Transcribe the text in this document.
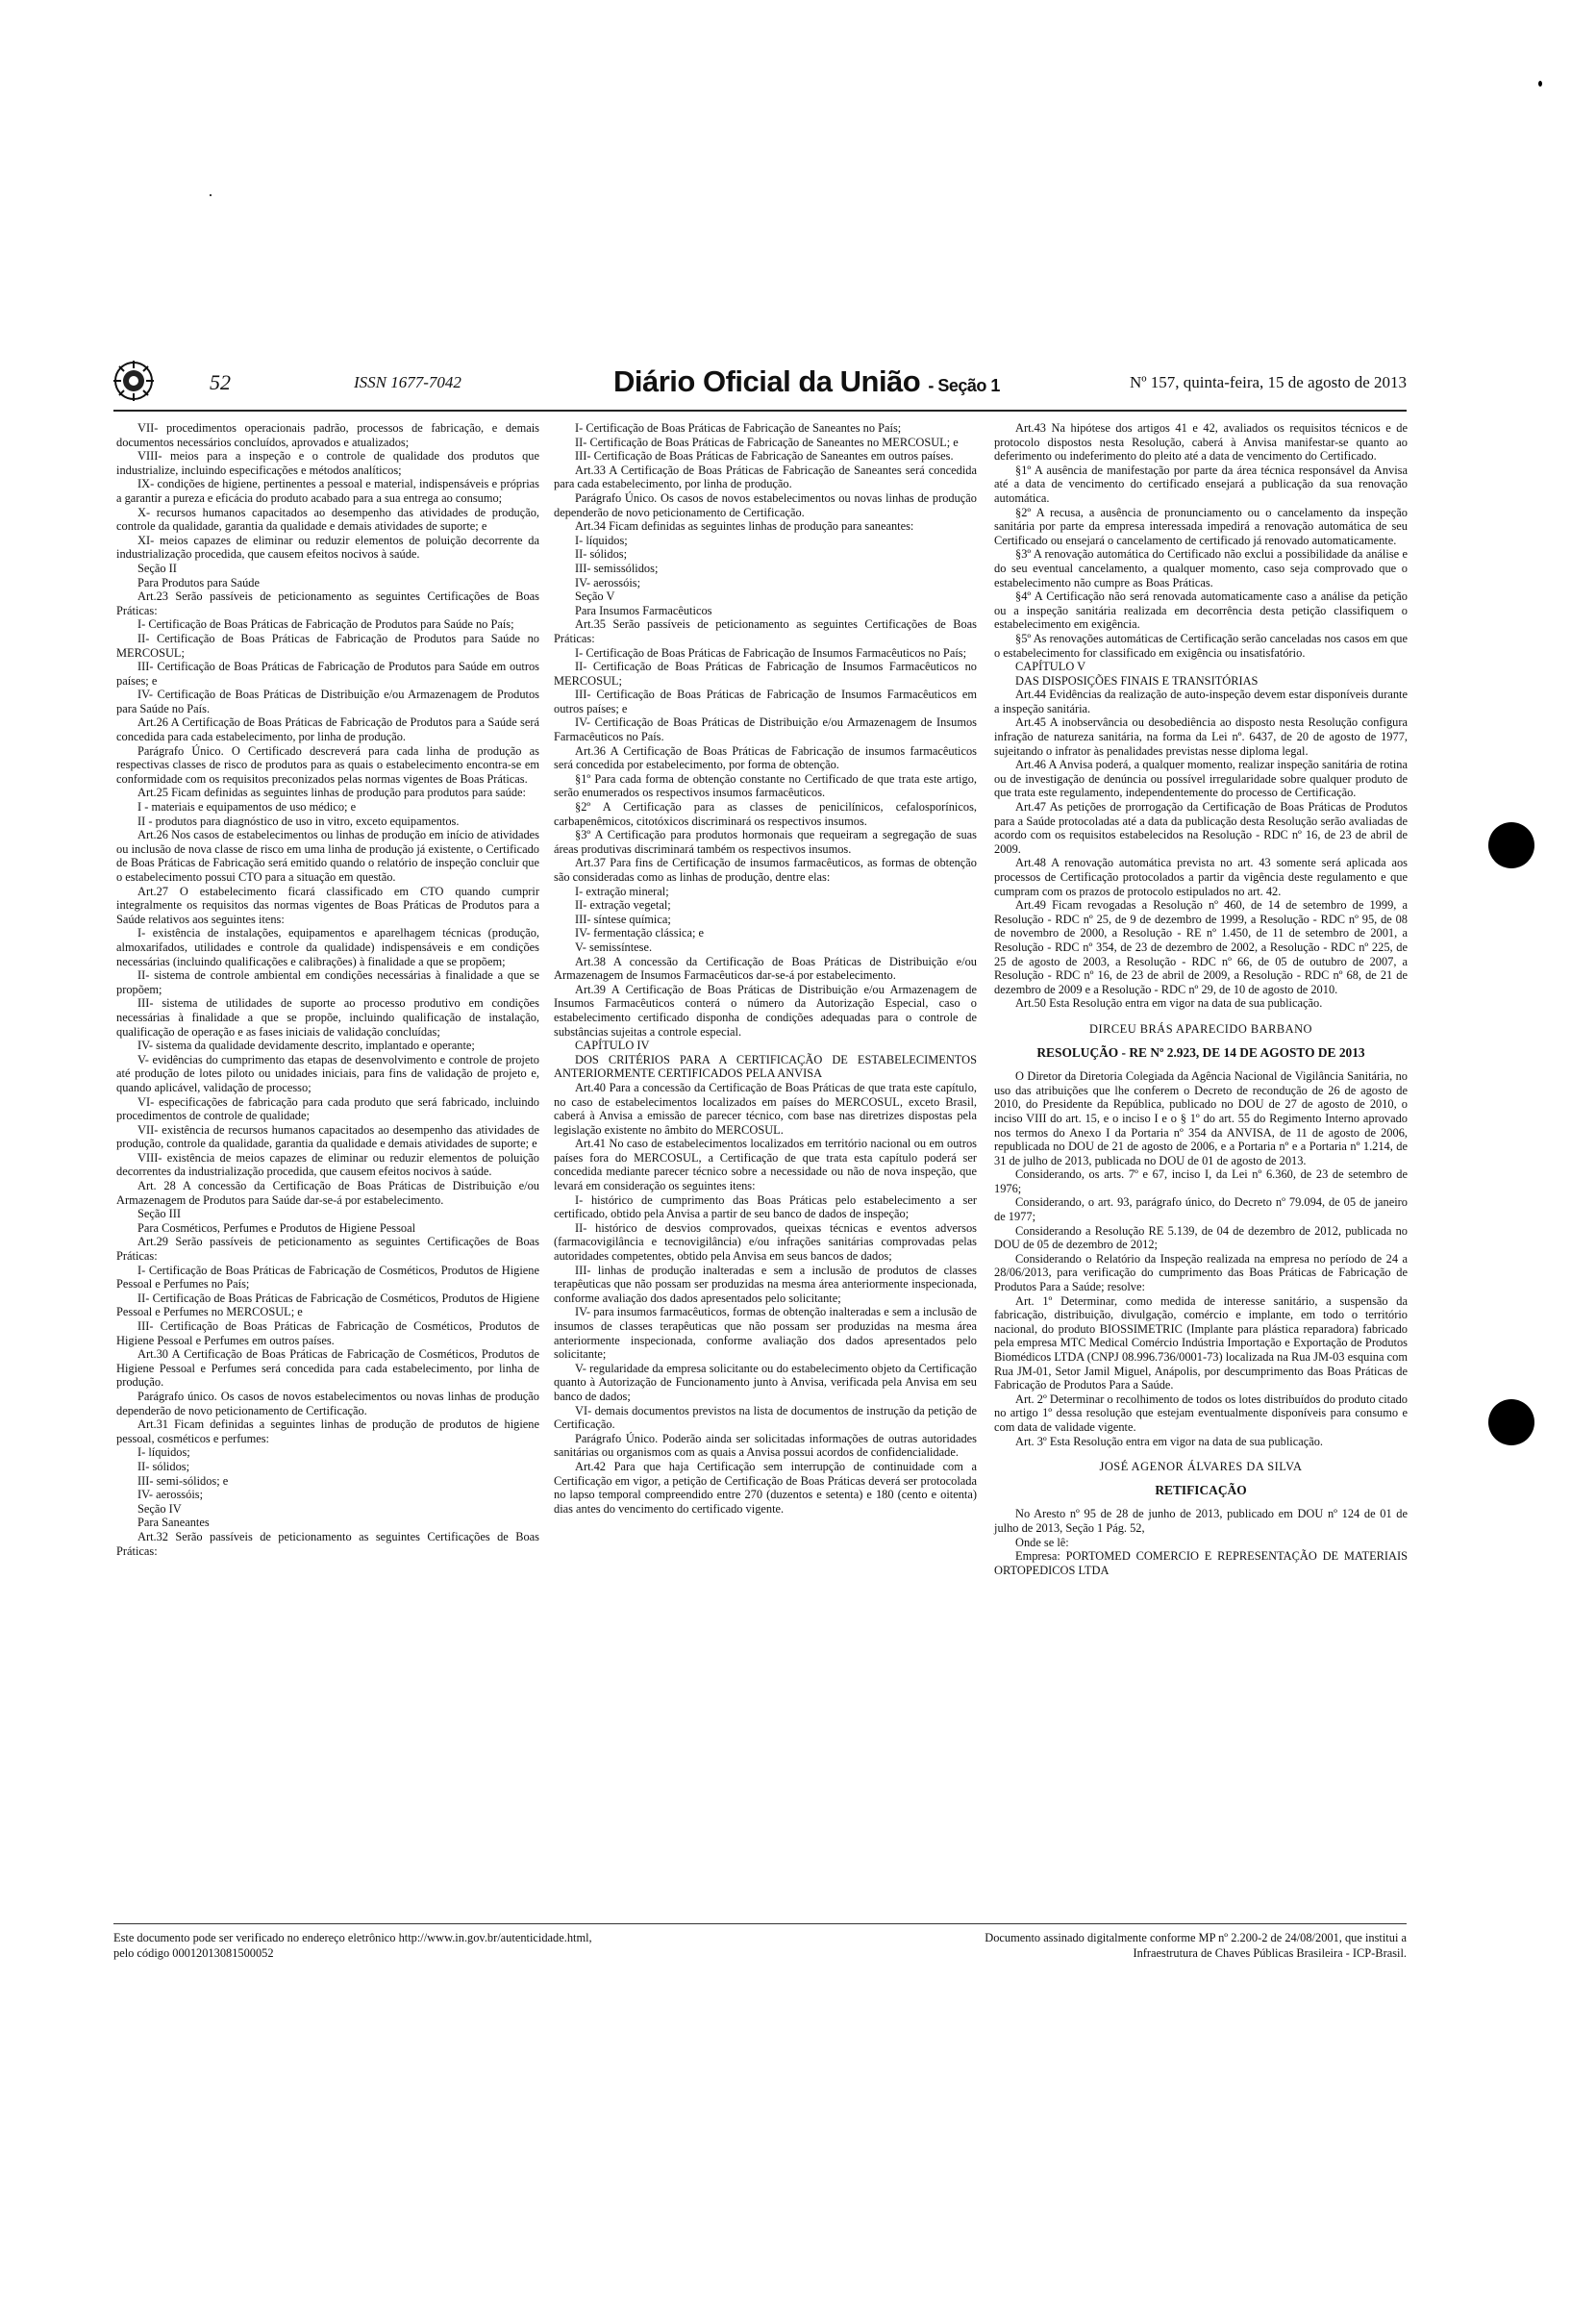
52	ISSN 1677-7042	Diário Oficial da União - Seção 1	Nº 157, quinta-feira, 15 de agosto de 2013

VII- procedimentos operacionais padrão, processos de fabricação, e demais documentos necessários concluídos, aprovados e atualizados;

VIII- meios para a inspeção e o controle de qualidade dos produtos que industrialize, incluindo especificações e métodos analíticos;

IX- condições de higiene, pertinentes a pessoal e material, indispensáveis e próprias a garantir a pureza e eficácia do produto acabado para a sua entrega ao consumo;

X- recursos humanos capacitados ao desempenho das atividades de produção, controle da qualidade, garantia da qualidade e demais atividades de suporte; e

XI- meios capazes de eliminar ou reduzir elementos de poluição decorrente da industrialização procedida, que causem efeitos nocivos à saúde.

Seção II

Para Produtos para Saúde

Art.23 Serão passíveis de peticionamento as seguintes Certificações de Boas Práticas:

I- Certificação de Boas Práticas de Fabricação de Produtos para Saúde no País;

II- Certificação de Boas Práticas de Fabricação de Produtos para Saúde no MERCOSUL;

III- Certificação de Boas Práticas de Fabricação de Produtos para Saúde em outros países; e

IV- Certificação de Boas Práticas de Distribuição e/ou Armazenagem de Produtos para Saúde no País.

Art.26 A Certificação de Boas Práticas de Fabricação de Produtos para a Saúde será concedida para cada estabelecimento, por linha de produção.

Parágrafo Único. O Certificado descreverá para cada linha de produção as respectivas classes de risco de produtos para as quais o estabelecimento encontra-se em conformidade com os requisitos preconizados pelas normas vigentes de Boas Práticas.

Art.25 Ficam definidas as seguintes linhas de produção para produtos para saúde:

I - materiais e equipamentos de uso médico; e

II - produtos para diagnóstico de uso in vitro, exceto equipamentos.

Art.26 Nos casos de estabelecimentos ou linhas de produção em início de atividades ou inclusão de nova classe de risco em uma linha de produção já existente, o Certificado de Boas Práticas de Fabricação será emitido quando o relatório de inspeção concluir que o estabelecimento possui CTO para a situação em questão.

Art.27 O estabelecimento ficará classificado em CTO quando cumprir integralmente os requisitos das normas vigentes de Boas Práticas de Produtos para a Saúde relativos aos seguintes itens:

I- existência de instalações, equipamentos e aparelhagem técnicas (produção, almoxarifados, utilidades e controle da qualidade) indispensáveis e em condições necessárias (incluindo qualificações e calibrações) à finalidade a que se propõem;

II- sistema de controle ambiental em condições necessárias à finalidade a que se propõem;

III- sistema de utilidades de suporte ao processo produtivo em condições necessárias à finalidade a que se propõe, incluindo qualificação de instalação, qualificação de operação e as fases iniciais de validação concluídas;

IV- sistema da qualidade devidamente descrito, implantado e operante;

V- evidências do cumprimento das etapas de desenvolvimento e controle de projeto até produção de lotes piloto ou unidades iniciais, para fins de validação de projeto e, quando aplicável, validação de processo;

VI- especificações de fabricação para cada produto que será fabricado, incluindo procedimentos de controle de qualidade;

VII- existência de recursos humanos capacitados ao desempenho das atividades de produção, controle da qualidade, garantia da qualidade e demais atividades de suporte; e

VIII- existência de meios capazes de eliminar ou reduzir elementos de poluição decorrentes da industrialização procedida, que causem efeitos nocivos à saúde.

Art. 28 A concessão da Certificação de Boas Práticas de Distribuição e/ou Armazenagem de Produtos para Saúde dar-se-á por estabelecimento.

Seção III

Para Cosméticos, Perfumes e Produtos de Higiene Pessoal

Art.29 Serão passíveis de peticionamento as seguintes Certificações de Boas Práticas:

I- Certificação de Boas Práticas de Fabricação de Cosméticos, Produtos de Higiene Pessoal e Perfumes no País;

II- Certificação de Boas Práticas de Fabricação de Cosméticos, Produtos de Higiene Pessoal e Perfumes no MERCOSUL; e

III- Certificação de Boas Práticas de Fabricação de Cosméticos, Produtos de Higiene Pessoal e Perfumes em outros países.

Art.30 A Certificação de Boas Práticas de Fabricação de Cosméticos, Produtos de Higiene Pessoal e Perfumes será concedida para cada estabelecimento, por linha de produção.

Parágrafo único. Os casos de novos estabelecimentos ou novas linhas de produção dependerão de novo peticionamento de Certificação.

Art.31 Ficam definidas a seguintes linhas de produção de produtos de higiene pessoal, cosméticos e perfumes:

I- líquidos;

II- sólidos;

III- semi-sólidos; e

IV- aerossóis;

Seção IV

Para Saneantes

Art.32 Serão passíveis de peticionamento as seguintes Certificações de Boas Práticas:

I- Certificação de Boas Práticas de Fabricação de Saneantes no País;

II- Certificação de Boas Práticas de Fabricação de Saneantes no MERCOSUL; e

III- Certificação de Boas Práticas de Fabricação de Saneantes em outros países.

Art.33 A Certificação de Boas Práticas de Fabricação de Saneantes será concedida para cada estabelecimento, por linha de produção.

Parágrafo Único. Os casos de novos estabelecimentos ou novas linhas de produção dependerão de novo peticionamento de Certificação.

Art.34 Ficam definidas as seguintes linhas de produção para saneantes:

I- líquidos;

II- sólidos;

III- semissólidos;

IV- aerossóis;

Seção V

Para Insumos Farmacêuticos

Art.35 Serão passíveis de peticionamento as seguintes Certificações de Boas Práticas:

I- Certificação de Boas Práticas de Fabricação de Insumos Farmacêuticos no País;

II- Certificação de Boas Práticas de Fabricação de Insumos Farmacêuticos no MERCOSUL;

III- Certificação de Boas Práticas de Fabricação de Insumos Farmacêuticos em outros países; e

IV- Certificação de Boas Práticas de Distribuição e/ou Armazenagem de Insumos Farmacêuticos no País.

Art.36 A Certificação de Boas Práticas de Fabricação de insumos farmacêuticos será concedida por estabelecimento, por forma de obtenção.

§1º Para cada forma de obtenção constante no Certificado de que trata este artigo, serão enumerados os respectivos insumos farmacêuticos.

§2º A Certificação para as classes de penicilínicos, cefalosporínicos, carbapenêmicos, citotóxicos discriminará os respectivos insumos.

§3º A Certificação para produtos hormonais que requeiram a segregação de suas áreas produtivas discriminará também os respectivos insumos.

Art.37 Para fins de Certificação de insumos farmacêuticos, as formas de obtenção são consideradas como as linhas de produção, dentre elas:

I- extração mineral;

II- extração vegetal;

III- síntese química;

IV- fermentação clássica; e

V- semissíntese.

Art.38 A concessão da Certificação de Boas Práticas de Distribuição e/ou Armazenagem de Insumos Farmacêuticos dar-se-á por estabelecimento.

Art.39 A Certificação de Boas Práticas de Distribuição e/ou Armazenagem de Insumos Farmacêuticos conterá o número da Autorização Especial, caso o estabelecimento certificado disponha de condições adequadas para o controle de substâncias sujeitas a controle especial.

CAPÍTULO IV

DOS CRITÉRIOS PARA A CERTIFICAÇÃO DE ESTABELECIMENTOS ANTERIORMENTE CERTIFICADOS PELA ANVISA

Art.40 Para a concessão da Certificação de Boas Práticas de que trata este capítulo, no caso de estabelecimentos localizados em países do MERCOSUL, exceto Brasil, caberá à Anvisa a emissão de parecer técnico, com base nas diretrizes dispostas pela legislação existente no âmbito do MERCOSUL.

Art.41 No caso de estabelecimentos localizados em território nacional ou em outros países fora do MERCOSUL, a Certificação de que trata esta capítulo poderá ser concedida mediante parecer técnico sobre a necessidade ou não de nova inspeção, que levará em consideração os seguintes itens:

I- histórico de cumprimento das Boas Práticas pelo estabelecimento a ser certificado, obtido pela Anvisa a partir de seu banco de dados de inspeção;

II- histórico de desvios comprovados, queixas técnicas e eventos adversos (farmacovigilância e tecnovigilância) e/ou infrações sanitárias comprovadas pelas autoridades competentes, obtido pela Anvisa em seus bancos de dados;

III- linhas de produção inalteradas e sem a inclusão de produtos de classes terapêuticas que não possam ser produzidas na mesma área anteriormente inspecionada, conforme avaliação dos dados apresentados pelo solicitante;

IV- para insumos farmacêuticos, formas de obtenção inalteradas e sem a inclusão de insumos de classes terapêuticas que não possam ser produzidas na mesma área anteriormente inspecionada, conforme avaliação dos dados apresentados pelo solicitante;

V- regularidade da empresa solicitante ou do estabelecimento objeto da Certificação quanto à Autorização de Funcionamento junto à Anvisa, verificada pela Anvisa em seu banco de dados;

VI- demais documentos previstos na lista de documentos de instrução da petição de Certificação.

Parágrafo Único. Poderão ainda ser solicitadas informações de outras autoridades sanitárias ou organismos com as quais a Anvisa possui acordos de confidencialidade.

Art.42 Para que haja Certificação sem interrupção de continuidade com a Certificação em vigor, a petição de Certificação de Boas Práticas deverá ser protocolada no lapso temporal compreendido entre 270 (duzentos e setenta) e 180 (cento e oitenta) dias antes do vencimento do certificado vigente.

Art.43 Na hipótese dos artigos 41 e 42, avaliados os requisitos técnicos e de protocolo dispostos nesta Resolução, caberá à Anvisa manifestar-se quanto ao deferimento ou indeferimento do pleito até a data de vencimento do Certificado.

§1º A ausência de manifestação por parte da área técnica responsável da Anvisa até a data de vencimento do certificado ensejará a publicação da sua renovação automática.

§2º A recusa, a ausência de pronunciamento ou o cancelamento da inspeção sanitária por parte da empresa interessada impedirá a renovação automática de seu Certificado ou ensejará o cancelamento de certificado já renovado automaticamente.

§3º A renovação automática do Certificado não exclui a possibilidade da análise e do seu eventual cancelamento, a qualquer momento, caso seja comprovado que o estabelecimento não cumpre as Boas Práticas.

§4º A Certificação não será renovada automaticamente caso a análise da petição ou a inspeção sanitária realizada em decorrência desta petição classifiquem o estabelecimento em exigência.

§5º As renovações automáticas de Certificação serão canceladas nos casos em que o estabelecimento for classificado em exigência ou insatisfatório.

CAPÍTULO V

DAS DISPOSIÇÕES FINAIS E TRANSITÓRIAS

Art.44 Evidências da realização de auto-inspeção devem estar disponíveis durante a inspeção sanitária.

Art.45 A inobservância ou desobediência ao disposto nesta Resolução configura infração de natureza sanitária, na forma da Lei nº. 6437, de 20 de agosto de 1977, sujeitando o infrator às penalidades previstas nesse diploma legal.

Art.46 A Anvisa poderá, a qualquer momento, realizar inspeção sanitária de rotina ou de investigação de denúncia ou possível irregularidade sobre qualquer produto de que trata este regulamento, independentemente do processo de Certificação.

Art.47 As petições de prorrogação da Certificação de Boas Práticas de Produtos para a Saúde protocoladas até a data da publicação desta Resolução serão avaliadas de acordo com os requisitos estabelecidos na Resolução - RDC nº 16, de 23 de abril de 2009.

Art.48 A renovação automática prevista no art. 43 somente será aplicada aos processos de Certificação protocolados a partir da vigência deste regulamento e que cumpram com os prazos de protocolo estipulados no art. 42.

Art.49 Ficam revogadas a Resolução nº 460, de 14 de setembro de 1999, a Resolução - RDC nº 25, de 9 de dezembro de 1999, a Resolução - RDC nº 95, de 08 de novembro de 2000, a Resolução - RE nº 1.450, de 11 de setembro de 2001, a Resolução - RDC nº 354, de 23 de dezembro de 2002, a Resolução - RDC nº 225, de 25 de agosto de 2003, a Resolução - RDC nº 66, de 05 de outubro de 2007, a Resolução - RDC nº 16, de 23 de abril de 2009, a Resolução - RDC nº 68, de 21 de dezembro de 2009 e a Resolução - RDC nº 29, de 10 de agosto de 2010.

Art.50 Esta Resolução entra em vigor na data de sua publicação.

DIRCEU BRÁS APARECIDO BARBANO
RESOLUÇÃO - RE Nº 2.923, DE 14 DE AGOSTO DE 2013

O Diretor da Diretoria Colegiada da Agência Nacional de Vigilância Sanitária, no uso das atribuições que lhe conferem o Decreto de recondução de 26 de agosto de 2010, do Presidente da República, publicado no DOU de 27 de agosto de 2010, o inciso VIII do art. 15, e o inciso I e o § 1º do art. 55 do Regimento Interno aprovado nos termos do Anexo I da Portaria nº 354 da ANVISA, de 11 de agosto de 2006, republicada no DOU de 21 de agosto de 2006, e a Portaria nº e a Portaria nº 1.214, de 31 de julho de 2013, publicada no DOU de 01 de agosto de 2013.

Considerando, os arts. 7º e 67, inciso I, da Lei nº 6.360, de 23 de setembro de 1976;

Considerando, o art. 93, parágrafo único, do Decreto nº 79.094, de 05 de janeiro de 1977;

Considerando a Resolução RE 5.139, de 04 de dezembro de 2012, publicada no DOU de 05 de dezembro de 2012;

Considerando o Relatório da Inspeção realizada na empresa no período de 24 a 28/06/2013, para verificação do cumprimento das Boas Práticas de Fabricação de Produtos Para a Saúde; resolve:

Art. 1º Determinar, como medida de interesse sanitário, a suspensão da fabricação, distribuição, divulgação, comércio e implante, em todo o território nacional, do produto BIOSSIMETRIC (Implante para plástica reparadora) fabricado pela empresa MTC Medical Comércio Indústria Importação e Exportação de Produtos Biomédicos LTDA (CNPJ 08.996.736/0001-73) localizada na Rua JM-03 esquina com Rua JM-01, Setor Jamil Miguel, Anápolis, por descumprimento das Boas Práticas de Fabricação de Produtos Para a Saúde.

Art. 2º Determinar o recolhimento de todos os lotes distribuídos do produto citado no artigo 1º dessa resolução que estejam eventualmente disponíveis para consumo e com data de validade vigente.

Art. 3º Esta Resolução entra em vigor na data de sua publicação.

JOSÉ AGENOR ÁLVARES DA SILVA
RETIFICAÇÃO

No Aresto nº 95 de 28 de junho de 2013, publicado em DOU nº 124 de 01 de julho de 2013, Seção 1 Pág. 52,

Onde se lê:

Empresa: PORTOMED COMERCIO E REPRESENTAÇÃO DE MATERIAIS ORTOPEDICOS LTDA

Este documento pode ser verificado no endereço eletrônico http://www.in.gov.br/autenticidade.html,
pelo código 00012013081500052
Documento assinado digitalmente conforme MP nº 2.200-2 de 24/08/2001, que institui a
Infraestrutura de Chaves Públicas Brasileira - ICP-Brasil.
